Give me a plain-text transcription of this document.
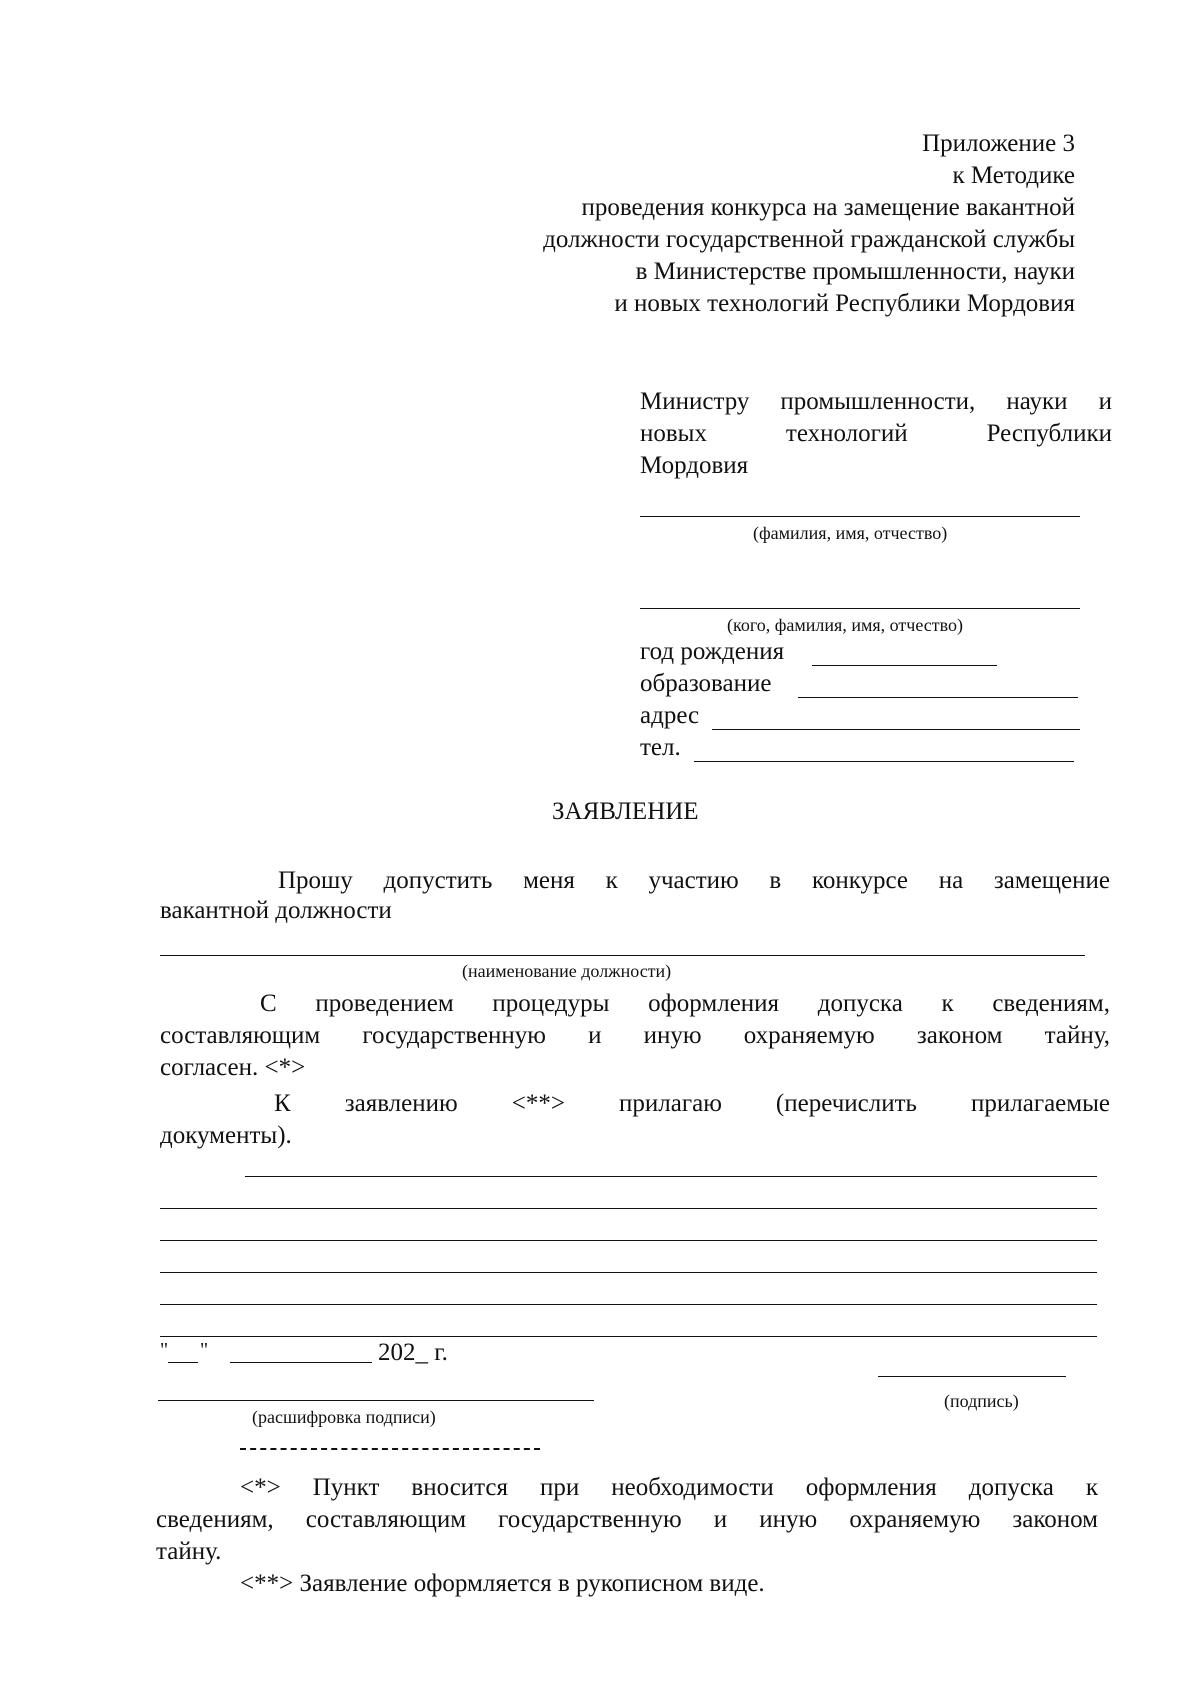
Приложение 3
к Методике
проведения конкурса на замещение вакантной
должности государственной гражданской службы
в Министерстве промышленности, науки
и новых технологий Республики Мордовия
Министру промышленности, науки и
новых технологий Республики
Мордовия
(фамилия, имя, отчество)
(кого, фамилия, имя, отчество)
год рождения
образование
адрес
тел.
ЗАЯВЛЕНИЕ
Прошу допустить меня к участию в конкурсе на замещение
вакантной должности
(наименование должности)
С проведением процедуры оформления допуска к сведениям,
составляющим государственную и иную охраняемую законом тайну,
согласен. <*>
К заявлению <**> прилагаю (перечислить прилагаемые
документы).
" "	202_ г.
(подпись)
(расшифровка подписи)
<*> Пункт вносится при необходимости оформления допуска к
сведениям, составляющим государственную и иную охраняемую законом
тайну.
<**> Заявление оформляется в рукописном виде.
